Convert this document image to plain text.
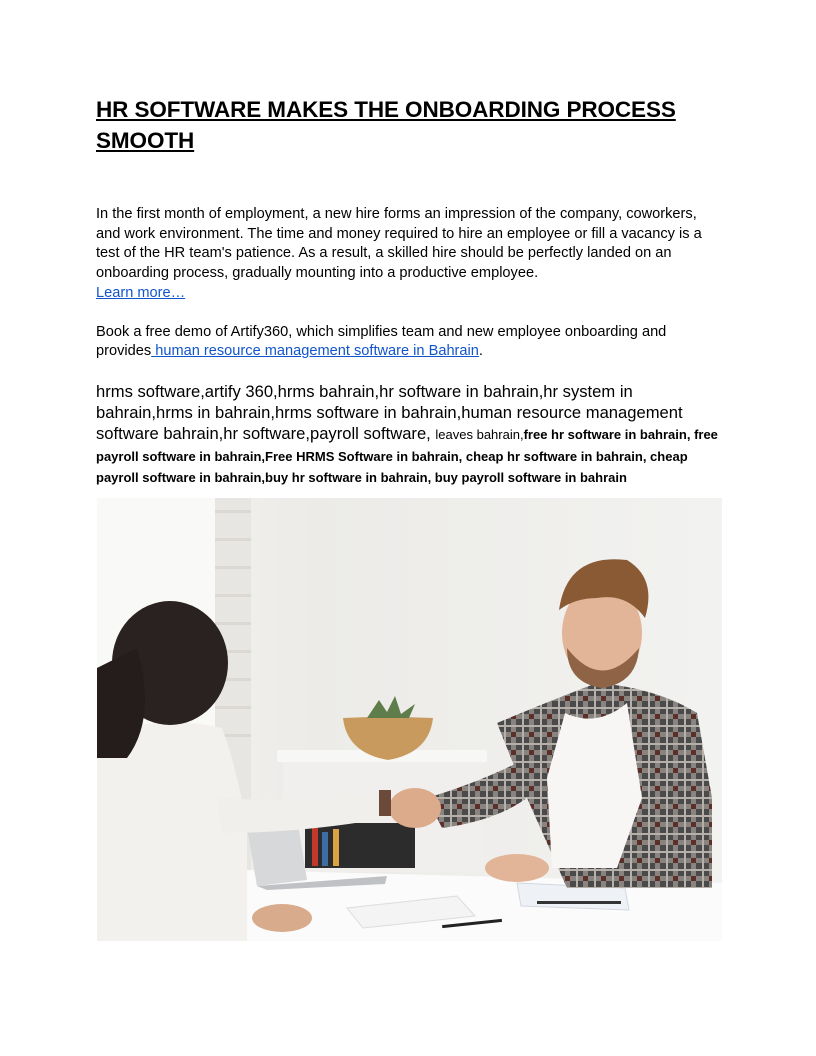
HR SOFTWARE MAKES THE ONBOARDING PROCESS SMOOTH

In the first month of employment, a new hire forms an impression of the company, coworkers, and work environment. The time and money required to hire an employee or fill a vacancy is a test of the HR team's patience. As a result, a skilled hire should be perfectly landed on an onboarding process, gradually mounting into a productive employee.
Learn more…

Book a free demo of Artify360, which simplifies team and new employee onboarding and provides human resource management software in Bahrain.

hrms software,artify 360,hrms bahrain,hr software in bahrain,hr system in bahrain,hrms in bahrain,hrms software in bahrain,human resource management software bahrain,hr software,payroll software, leaves bahrain,free hr software in bahrain, free payroll software in bahrain,Free HRMS Software in bahrain, cheap hr software in bahrain, cheap payroll software in bahrain,buy hr software in bahrain, buy payroll software in bahrain
